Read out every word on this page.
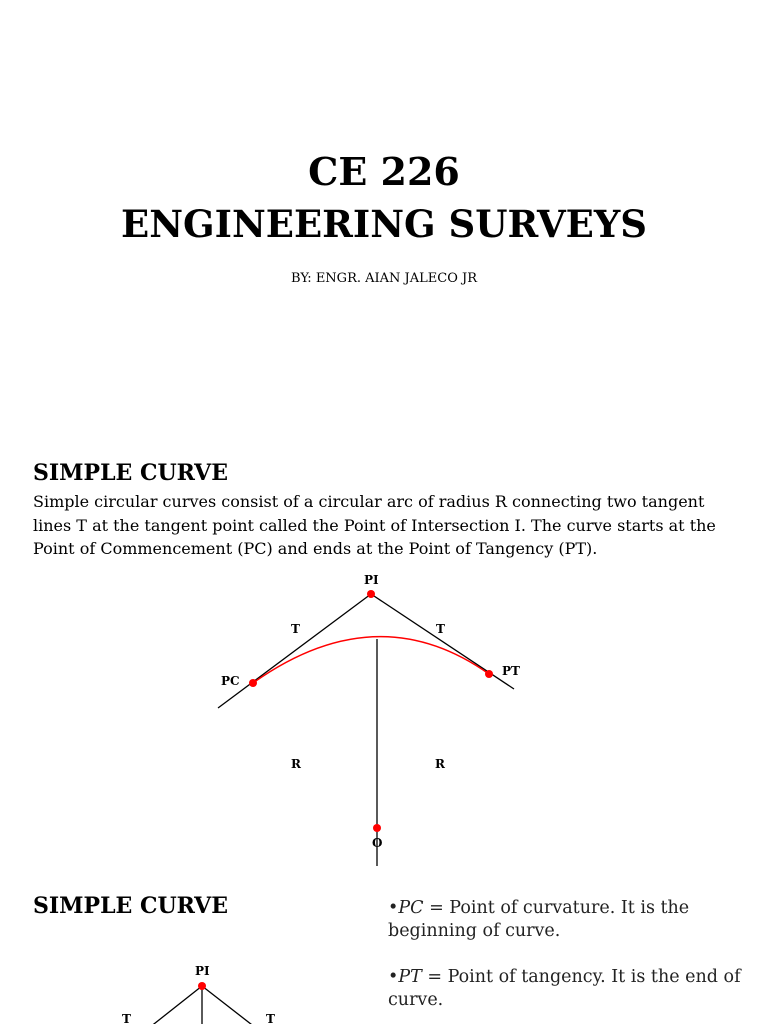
CE 226
ENGINEERING SURVEYS
BY: ENGR. AIAN JALECO JR
SIMPLE CURVE
Simple circular curves consist of a circular arc of radius R connecting two tangent lines T at the tangent point called the Point of Intersection I. The curve starts at the Point of Commencement (PC) and ends at the Point of Tangency (PT).
PI
PC
PT
T	T
R	R
O
SIMPLE CURVE
PI
T	T
•PC = Point of curvature. It is the beginning of curve.
•PT = Point of tangency. It is the end of curve.
